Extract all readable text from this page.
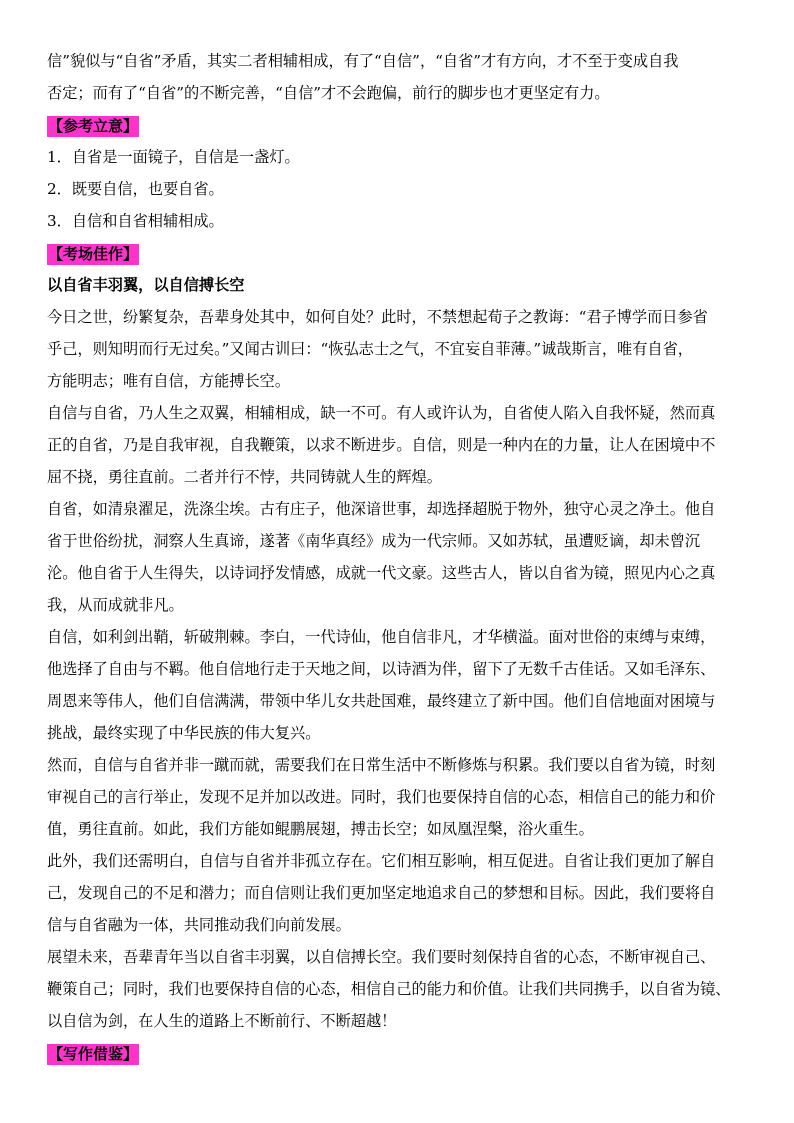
信”貌似与“自省”矛盾，其实二者相辅相成，有了“自信”，“自省”才有方向，才不至于变成自我
否定；而有了“自省”的不断完善，“自信”才不会跑偏，前行的脚步也才更坚定有力。
【参考立意】
1．自省是一面镜子，自信是一盏灯。
2．既要自信，也要自省。
3．自信和自省相辅相成。
【考场佳作】
以自省丰羽翼，以自信搏长空
今日之世，纷繁复杂，吾辈身处其中，如何自处？此时，不禁想起荀子之教诲：“君子博学而日参省
乎己，则知明而行无过矣。”又闻古训曰：“恢弘志士之气，不宜妄自菲薄。”诚哉斯言，唯有自省，
方能明志；唯有自信，方能搏长空。
自信与自省，乃人生之双翼，相辅相成，缺一不可。有人或许认为，自省使人陷入自我怀疑，然而真
正的自省，乃是自我审视，自我鞭策，以求不断进步。自信，则是一种内在的力量，让人在困境中不
屈不挠，勇往直前。二者并行不悖，共同铸就人生的辉煌。
自省，如清泉濯足，洗涤尘埃。古有庄子，他深谙世事，却选择超脱于物外，独守心灵之净土。他自
省于世俗纷扰，洞察人生真谛，遂著《南华真经》成为一代宗师。又如苏轼，虽遭贬谪，却未曾沉
沦。他自省于人生得失，以诗词抒发情感，成就一代文豪。这些古人，皆以自省为镜，照见内心之真
我，从而成就非凡。
自信，如利剑出鞘，斩破荆棘。李白，一代诗仙，他自信非凡，才华横溢。面对世俗的束缚与束缚，
他选择了自由与不羁。他自信地行走于天地之间，以诗酒为伴，留下了无数千古佳话。又如毛泽东、
周恩来等伟人，他们自信满满，带领中华儿女共赴国难，最终建立了新中国。他们自信地面对困境与
挑战，最终实现了中华民族的伟大复兴。
然而，自信与自省并非一蹴而就，需要我们在日常生活中不断修炼与积累。我们要以自省为镜，时刻
审视自己的言行举止，发现不足并加以改进。同时，我们也要保持自信的心态，相信自己的能力和价
值，勇往直前。如此，我们方能如鲲鹏展翅，搏击长空；如凤凰涅槃，浴火重生。
此外，我们还需明白，自信与自省并非孤立存在。它们相互影响，相互促进。自省让我们更加了解自
己，发现自己的不足和潜力；而自信则让我们更加坚定地追求自己的梦想和目标。因此，我们要将自
信与自省融为一体，共同推动我们向前发展。
展望未来，吾辈青年当以自省丰羽翼，以自信搏长空。我们要时刻保持自省的心态，不断审视自己、
鞭策自己；同时，我们也要保持自信的心态，相信自己的能力和价值。让我们共同携手，以自省为镜、
以自信为剑，在人生的道路上不断前行、不断超越！
【写作借鉴】
